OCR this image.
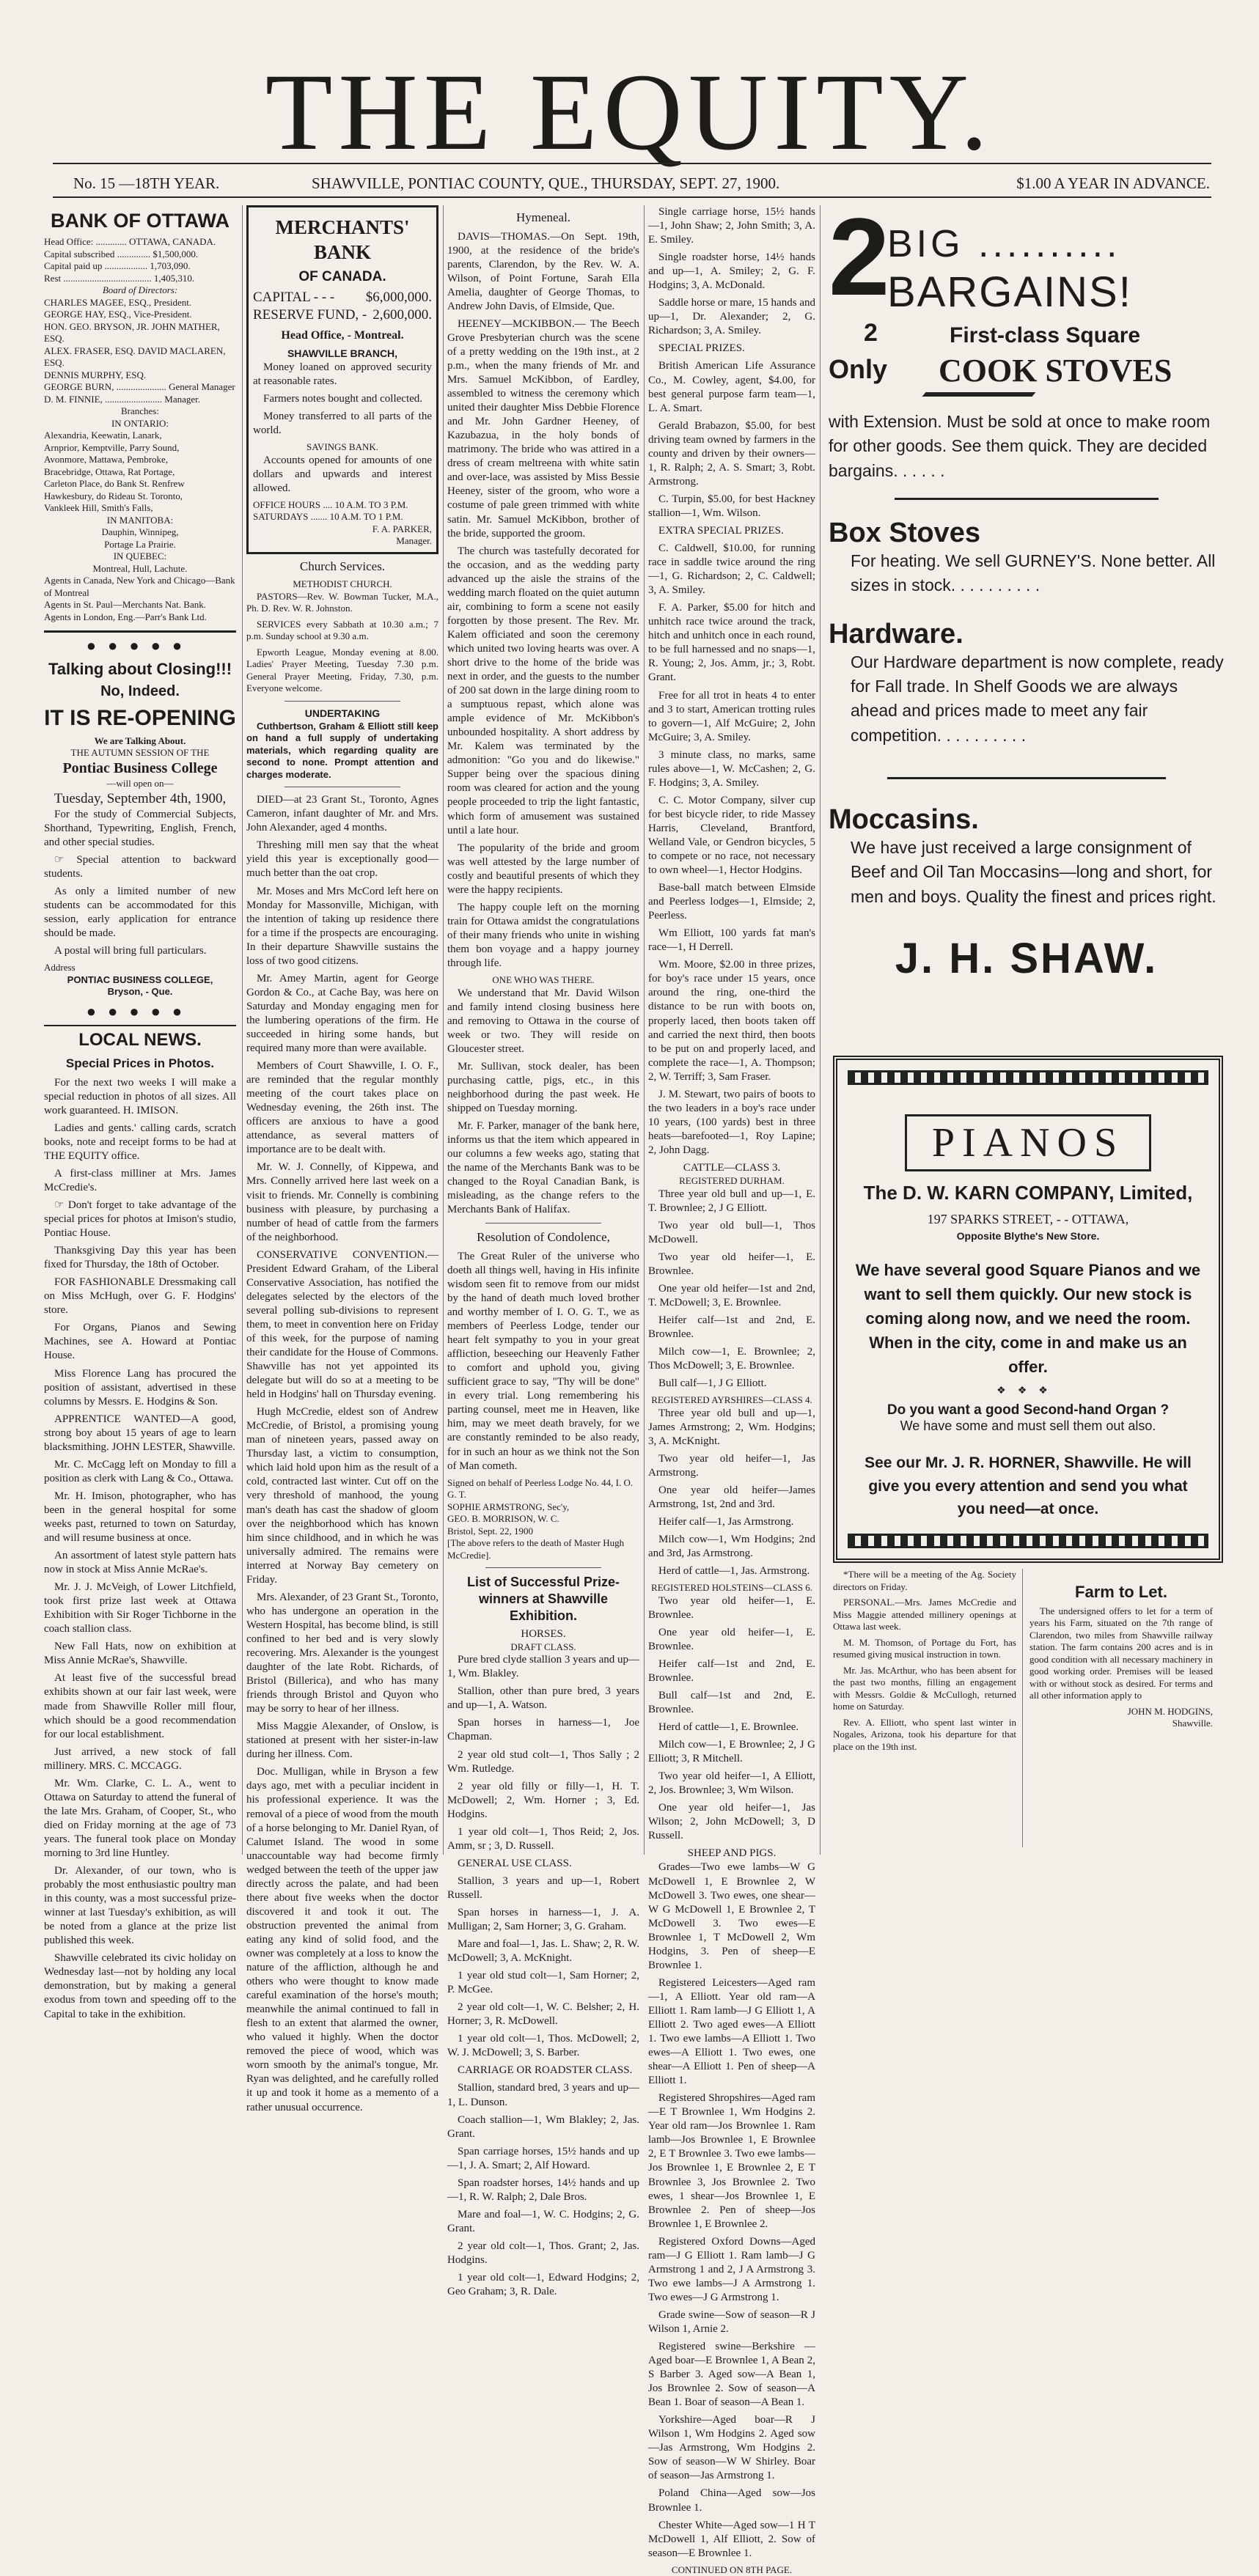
THE EQUITY.
No. 15 —18TH YEAR.	SHAWVILLE, PONTIAC COUNTY, QUE., THURSDAY, SEPT. 27, 1900.	$1.00 A YEAR IN ADVANCE.
BANK OF OTTAWA
Head Office: ............. OTTAWA, CANADA.
Capital subscribed .............. $1,500,000.
Capital paid up .................. 1,703,090.
Rest ..................................... 1,405,310.
Board of Directors:
CHARLES MAGEE, ESQ., President.
GEORGE HAY, ESQ., Vice-President.
HON. GEO. BRYSON, JR. JOHN MATHER, ESQ.
ALEX. FRASER, ESQ. DAVID MACLAREN, ESQ.
DENNIS MURPHY, ESQ.
GEORGE BURN, ..................... General Manager
D. M. FINNIE, ........................ Manager.
Branches:
IN ONTARIO:
Alexandria, Keewatin, Lanark,
Arnprior, Kemptville, Parry Sound,
Avonmore, Mattawa, Pembroke,
Bracebridge, Ottawa, Rat Portage,
Carleton Place, do Bank St. Renfrew
Hawkesbury, do Rideau St. Toronto,
Vankleek Hill, Smith's Falls,
IN MANITOBA:
Dauphin, Winnipeg,
Portage La Prairie.
IN QUEBEC:
Montreal, Hull, Lachute.
Agents in Canada, New York and Chicago—Bank of Montreal
Agents in St. Paul—Merchants Nat. Bank.
Agents in London, Eng.—Parr's Bank Ltd.
●●●●●
Talking about Closing!!!
No, Indeed.
IT IS RE-OPENING
We are Talking About.
THE AUTUMN SESSION OF THE
Pontiac Business College
—will open on—
Tuesday, September 4th, 1900,

For the study of Commercial Subjects, Shorthand, Typewriting, English, French, and other special studies.

☞ Special attention to backward students.

As only a limited number of new students can be accommodated for this session, early application for entrance should be made.

A postal will bring full particulars.

Address
PONTIAC BUSINESS COLLEGE,
Bryson, - Que.
●●●●●
LOCAL NEWS.
Special Prices in Photos.

For the next two weeks I will make a special reduction in photos of all sizes. All work guaranteed. H. IMISON.

Ladies and gents.' calling cards, scratch books, note and receipt forms to be had at THE EQUITY office.

A first-class milliner at Mrs. James McCredie's.

☞ Don't forget to take advantage of the special prices for photos at Imison's studio, Pontiac House.

Thanksgiving Day this year has been fixed for Thursday, the 18th of October.

FOR FASHIONABLE Dressmaking call on Miss McHugh, over G. F. Hodgins' store.

For Organs, Pianos and Sewing Machines, see A. Howard at Pontiac House.

Miss Florence Lang has procured the position of assistant, advertised in these columns by Messrs. E. Hodgins & Son.

APPRENTICE WANTED—A good, strong boy about 15 years of age to learn blacksmithing. JOHN LESTER, Shawville.

Mr. C. McCagg left on Monday to fill a position as clerk with Lang & Co., Ottawa.

Mr. H. Imison, photographer, who has been in the general hospital for some weeks past, returned to town on Saturday, and will resume business at once.

An assortment of latest style pattern hats now in stock at Miss Annie McRae's.

Mr. J. J. McVeigh, of Lower Litchfield, took first prize last week at Ottawa Exhibition with Sir Roger Tichborne in the coach stallion class.

New Fall Hats, now on exhibition at Miss Annie McRae's, Shawville.

At least five of the successful bread exhibits shown at our fair last week, were made from Shawville Roller mill flour, which should be a good recommendation for our local establishment.

Just arrived, a new stock of fall millinery. MRS. C. MCCAGG.

Mr. Wm. Clarke, C. L. A., went to Ottawa on Saturday to attend the funeral of the late Mrs. Graham, of Cooper, St., who died on Friday morning at the age of 73 years. The funeral took place on Monday morning to 3rd line Huntley.

Dr. Alexander, of our town, who is probably the most enthusiastic poultry man in this county, was a most successful prize-winner at last Tuesday's exhibition, as will be noted from a glance at the prize list published this week.

Shawville celebrated its civic holiday on Wednesday last—not by holding any local demonstration, but by making a general exodus from town and speeding off to the Capital to take in the exhibition.

MERCHANTS' BANK
OF CANADA.
CAPITAL - - - $6,000,000.
RESERVE FUND, - 2,600,000.
Head Office, - Montreal.
SHAWVILLE BRANCH,

Money loaned on approved security at reasonable rates.

Farmers notes bought and collected.

Money transferred to all parts of the world.

SAVINGS BANK.

Accounts opened for amounts of one dollars and upwards and interest allowed.

OFFICE HOURS .... 10 A.M. TO 3 P.M.
SATURDAYS ....... 10 A.M. TO 1 P.M.
F. A. PARKER,
Manager.
Church Services.
METHODIST CHURCH.

PASTORS—Rev. W. Bowman Tucker, M.A., Ph. D. Rev. W. R. Johnston.

SERVICES every Sabbath at 10.30 a.m.; 7 p.m. Sunday school at 9.30 a.m.

Epworth League, Monday evening at 8.00. Ladies' Prayer Meeting, Tuesday 7.30 p.m. General Prayer Meeting, Friday, 7.30, p.m. Everyone welcome.

UNDERTAKING

Cuthbertson, Graham & Elliott still keep on hand a full supply of undertaking materials, which regarding quality are second to none. Prompt attention and charges moderate.

DIED—at 23 Grant St., Toronto, Agnes Cameron, infant daughter of Mr. and Mrs. John Alexander, aged 4 months.

Threshing mill men say that the wheat yield this year is exceptionally good—much better than the oat crop.

Mr. Moses and Mrs McCord left here on Monday for Massonville, Michigan, with the intention of taking up residence there for a time if the prospects are encouraging. In their departure Shawville sustains the loss of two good citizens.

Mr. Amey Martin, agent for George Gordon & Co., at Cache Bay, was here on Saturday and Monday engaging men for the lumbering operations of the firm. He succeeded in hiring some hands, but required many more than were available.

Members of Court Shawville, I. O. F., are reminded that the regular monthly meeting of the court takes place on Wednesday evening, the 26th inst. The officers are anxious to have a good attendance, as several matters of importance are to be dealt with.

Mr. W. J. Connelly, of Kippewa, and Mrs. Connelly arrived here last week on a visit to friends. Mr. Connelly is combining business with pleasure, by purchasing a number of head of cattle from the farmers of the neighborhood.

CONSERVATIVE CONVENTION.—President Edward Graham, of the Liberal Conservative Association, has notified the delegates selected by the electors of the several polling sub-divisions to represent them, to meet in convention here on Friday of this week, for the purpose of naming their candidate for the House of Commons. Shawville has not yet appointed its delegate but will do so at a meeting to be held in Hodgins' hall on Thursday evening.

Hugh McCredie, eldest son of Andrew McCredie, of Bristol, a promising young man of nineteen years, passed away on Thursday last, a victim to consumption, which laid hold upon him as the result of a cold, contracted last winter. Cut off on the very threshold of manhood, the young man's death has cast the shadow of gloom over the neighborhood which has known him since childhood, and in which he was universally admired. The remains were interred at Norway Bay cemetery on Friday.

Mrs. Alexander, of 23 Grant St., Toronto, who has undergone an operation in the Western Hospital, has become blind, is still confined to her bed and is very slowly recovering. Mrs. Alexander is the youngest daughter of the late Robt. Richards, of Bristol (Billerica), and who has many friends through Bristol and Quyon who may be sorry to hear of her illness.

Miss Maggie Alexander, of Onslow, is stationed at present with her sister-in-law during her illness. Com.

Doc. Mulligan, while in Bryson a few days ago, met with a peculiar incident in his professional experience. It was the removal of a piece of wood from the mouth of a horse belonging to Mr. Daniel Ryan, of Calumet Island. The wood in some unaccountable way had become firmly wedged between the teeth of the upper jaw directly across the palate, and had been there about five weeks when the doctor discovered it and took it out. The obstruction prevented the animal from eating any kind of solid food, and the owner was completely at a loss to know the nature of the affliction, although he and others who were thought to know made careful examination of the horse's mouth; meanwhile the animal continued to fall in flesh to an extent that alarmed the owner, who valued it highly. When the doctor removed the piece of wood, which was worn smooth by the animal's tongue, Mr. Ryan was delighted, and he carefully rolled it up and took it home as a memento of a rather unusual occurrence.

Hymeneal.

DAVIS—THOMAS.—On Sept. 19th, 1900, at the residence of the bride's parents, Clarendon, by the Rev. W. A. Wilson, of Point Fortune, Sarah Ella Amelia, daughter of George Thomas, to Andrew John Davis, of Elmside, Que.

HEENEY—MCKIBBON.— The Beech Grove Presbyterian church was the scene of a pretty wedding on the 19th inst., at 2 p.m., when the many friends of Mr. and Mrs. Samuel McKibbon, of Eardley, assembled to witness the ceremony which united their daughter Miss Debbie Florence and Mr. John Gardner Heeney, of Kazubazua, in the holy bonds of matrimony. The bride who was attired in a dress of cream meltreena with white satin and over-lace, was assisted by Miss Bessie Heeney, sister of the groom, who wore a costume of pale green trimmed with white satin. Mr. Samuel McKibbon, brother of the bride, supported the groom.

The church was tastefully decorated for the occasion, and as the wedding party advanced up the aisle the strains of the wedding march floated on the quiet autumn air, combining to form a scene not easily forgotten by those present. The Rev. Mr. Kalem officiated and soon the ceremony which united two loving hearts was over. A short drive to the home of the bride was next in order, and the guests to the number of 200 sat down in the large dining room to a sumptuous repast, which alone was ample evidence of Mr. McKibbon's unbounded hospitality. A short address by Mr. Kalem was terminated by the admonition: "Go you and do likewise." Supper being over the spacious dining room was cleared for action and the young people proceeded to trip the light fantastic, which form of amusement was sustained until a late hour.

The popularity of the bride and groom was well attested by the large number of costly and beautiful presents of which they were the happy recipients.

The happy couple left on the morning train for Ottawa amidst the congratulations of their many friends who unite in wishing them bon voyage and a happy journey through life.

ONE WHO WAS THERE.

We understand that Mr. David Wilson and family intend closing business here and removing to Ottawa in the course of week or two. They will reside on Gloucester street.

Mr. Sullivan, stock dealer, has been purchasing cattle, pigs, etc., in this neighborhood during the past week. He shipped on Tuesday morning.

Mr. F. Parker, manager of the bank here, informs us that the item which appeared in our columns a few weeks ago, stating that the name of the Merchants Bank was to be changed to the Royal Canadian Bank, is misleading, as the change refers to the Merchants Bank of Halifax.

Resolution of Condolence,

The Great Ruler of the universe who doeth all things well, having in His infinite wisdom seen fit to remove from our midst by the hand of death much loved brother and worthy member of I. O. G. T., we as members of Peerless Lodge, tender our heart felt sympathy to you in your great affliction, beseeching our Heavenly Father to comfort and uphold you, giving sufficient grace to say, "Thy will be done" in every trial. Long remembering his parting counsel, meet me in Heaven, like him, may we meet death bravely, for we are constantly reminded to be also ready, for in such an hour as we think not the Son of Man cometh.

Signed on behalf of Peerless Lodge No. 44, I. O. G. T.
SOPHIE ARMSTRONG, Sec'y,
GEO. B. MORRISON, W. C.
Bristol, Sept. 22, 1900
[The above refers to the death of Master Hugh McCredie].
List of Successful Prize-winners at Shawville Exhibition.
HORSES.
DRAFT CLASS.

Pure bred clyde stallion 3 years and up—1, Wm. Blakley.

Stallion, other than pure bred, 3 years and up—1, A. Watson.

Span horses in harness—1, Joe Chapman.

2 year old stud colt—1, Thos Sally ; 2 Wm. Rutledge.

2 year old filly or filly—1, H. T. McDowell; 2, Wm. Horner ; 3, Ed. Hodgins.

1 year old colt—1, Thos Reid; 2, Jos. Amm, sr ; 3, D. Russell.

GENERAL USE CLASS.

Stallion, 3 years and up—1, Robert Russell.

Span horses in harness—1, J. A. Mulligan; 2, Sam Horner; 3, G. Graham.

Mare and foal—1, Jas. L. Shaw; 2, R. W. McDowell; 3, A. McKnight.

1 year old stud colt—1, Sam Horner; 2, P. McGee.

2 year old colt—1, W. C. Belsher; 2, H. Horner; 3, R. McDowell.

1 year old colt—1, Thos. McDowell; 2, W. J. McDowell; 3, S. Barber.

CARRIAGE OR ROADSTER CLASS.

Stallion, standard bred, 3 years and up—1, L. Dunson.

Coach stallion—1, Wm Blakley; 2, Jas. Grant.

Span carriage horses, 15½ hands and up—1, J. A. Smart; 2, Alf Howard.

Span roadster horses, 14½ hands and up—1, R. W. Ralph; 2, Dale Bros.

Mare and foal—1, W. C. Hodgins; 2, G. Grant.

2 year old colt—1, Thos. Grant; 2, Jas. Hodgins.

1 year old colt—1, Edward Hodgins; 2, Geo Graham; 3, R. Dale.

Single carriage horse, 15½ hands—1, John Shaw; 2, John Smith; 3, A. E. Smiley.

Single roadster horse, 14½ hands and up—1, A. Smiley; 2, G. F. Hodgins; 3, A. McDonald.

Saddle horse or mare, 15 hands and up—1, Dr. Alexander; 2, G. Richardson; 3, A. Smiley.

SPECIAL PRIZES.

British American Life Assurance Co., M. Cowley, agent, $4.00, for best general purpose farm team—1, L. A. Smart.

Gerald Brabazon, $5.00, for best driving team owned by farmers in the county and driven by their owners—1, R. Ralph; 2, A. S. Smart; 3, Robt. Armstrong.

C. Turpin, $5.00, for best Hackney stallion—1, Wm. Wilson.

EXTRA SPECIAL PRIZES.

C. Caldwell, $10.00, for running race in saddle twice around the ring—1, G. Richardson; 2, C. Caldwell; 3, A. Smiley.

F. A. Parker, $5.00 for hitch and unhitch race twice around the track, hitch and unhitch once in each round, to be full harnessed and no snaps—1, R. Young; 2, Jos. Amm, jr.; 3, Robt. Grant.

Free for all trot in heats 4 to enter and 3 to start, American trotting rules to govern—1, Alf McGuire; 2, John McGuire; 3, A. Smiley.

3 minute class, no marks, same rules above—1, W. McCashen; 2, G. F. Hodgins; 3, A. Smiley.

C. C. Motor Company, silver cup for best bicycle rider, to ride Massey Harris, Cleveland, Brantford, Welland Vale, or Gendron bicycles, 5 to compete or no race, not necessary to own wheel—1, Hector Hodgins.

Base-ball match between Elmside and Peerless lodges—1, Elmside; 2, Peerless.

Wm Elliott, 100 yards fat man's race—1, H Derrell.

Wm. Moore, $2.00 in three prizes, for boy's race under 15 years, once around the ring, one-third the distance to be run with boots on, properly laced, then boots taken off and carried the next third, then boots to be put on and properly laced, and complete the race—1, A. Thompson; 2, W. Terriff; 3, Sam Fraser.

J. M. Stewart, two pairs of boots to the two leaders in a boy's race under 10 years, (100 yards) best in three heats—barefooted—1, Roy Lapine; 2, John Dagg.

CATTLE—CLASS 3.
REGISTERED DURHAM.

Three year old bull and up—1, E. T. Brownlee; 2, J G Elliott.

Two year old bull—1, Thos McDowell.

Two year old heifer—1, E. Brownlee.

One year old heifer—1st and 2nd, T. McDowell; 3, E. Brownlee.

Heifer calf—1st and 2nd, E. Brownlee.

Milch cow—1, E. Brownlee; 2, Thos McDowell; 3, E. Brownlee.

Bull calf—1, J G Elliott.

REGISTERED AYRSHIRES—CLASS 4.

Three year old bull and up—1, James Armstrong; 2, Wm. Hodgins; 3, A. McKnight.

Two year old heifer—1, Jas Armstrong.

One year old heifer—James Armstrong, 1st, 2nd and 3rd.

Heifer calf—1, Jas Armstrong.

Milch cow—1, Wm Hodgins; 2nd and 3rd, Jas Armstrong.

Herd of cattle—1, Jas. Armstrong.

REGISTERED HOLSTEINS—CLASS 6.

Two year old heifer—1, E. Brownlee.

One year old heifer—1, E. Brownlee.

Heifer calf—1st and 2nd, E. Brownlee.

Bull calf—1st and 2nd, E. Brownlee.

Herd of cattle—1, E. Brownlee.

Milch cow—1, E Brownlee; 2, J G Elliott; 3, R Mitchell.

Two year old heifer—1, A Elliott, 2, Jos. Brownlee; 3, Wm Wilson.

One year old heifer—1, Jas Wilson; 2, John McDowell; 3, D Russell.

SHEEP AND PIGS.

Grades—Two ewe lambs—W G McDowell 1, E Brownlee 2, W McDowell 3. Two ewes, one shear—W G McDowell 1, E Brownlee 2, T McDowell 3. Two ewes—E Brownlee 1, T McDowell 2, Wm Hodgins, 3. Pen of sheep—E Brownlee 1.

Registered Leicesters—Aged ram—1, A Elliott. Year old ram—A Elliott 1. Ram lamb—J G Elliott 1, A Elliott 2. Two aged ewes—A Elliott 1. Two ewe lambs—A Elliott 1. Two ewes—A Elliott 1. Two ewes, one shear—A Elliott 1. Pen of sheep—A Elliott 1.

Registered Shropshires—Aged ram—E T Brownlee 1, Wm Hodgins 2. Year old ram—Jos Brownlee 1. Ram lamb—Jos Brownlee 1, E Brownlee 2, E T Brownlee 3. Two ewe lambs—Jos Brownlee 1, E Brownlee 2, E T Brownlee 3, Jos Brownlee 2. Two ewes, 1 shear—Jos Brownlee 1, E Brownlee 2. Pen of sheep—Jos Brownlee 1, E Brownlee 2.

Registered Oxford Downs—Aged ram—J G Elliott 1. Ram lamb—J G Armstrong 1 and 2, J A Armstrong 3. Two ewe lambs—J A Armstrong 1. Two ewes—J G Armstrong 1.

Grade swine—Sow of season—R J Wilson 1, Arnie 2.

Registered swine—Berkshire — Aged boar—E Brownlee 1, A Bean 2, S Barber 3. Aged sow—A Bean 1, Jos Brownlee 2. Sow of season—A Bean 1. Boar of season—A Bean 1.

Yorkshire—Aged boar—R J Wilson 1, Wm Hodgins 2. Aged sow—Jas Armstrong, Wm Hodgins 2. Sow of season—W W Shirley. Boar of season—Jas Armstrong 1.

Poland China—Aged sow—Jos Brownlee 1.

Chester White—Aged sow—1 H T McDowell 1, Alf Elliott, 2. Sow of season—E Brownlee 1.

CONTINUED ON 8TH PAGE.
2
BIG ..........
BARGAINS!
2	First-class Square
Only COOK STOVES
with Extension. Must be sold at once to make room for other goods. See them quick. They are decided bargains. . . . . .
Box Stoves
For heating. We sell GURNEY'S. None better. All sizes in stock. . . . . . . . . .
Hardware.
Our Hardware department is now complete, ready for Fall trade. In Shelf Goods we are always ahead and prices made to meet any fair competition. . . . . . . . . .
Moccasins.
We have just received a large consignment of Beef and Oil Tan Moccasins—long and short, for men and boys. Quality the finest and prices right.
J. H. SHAW.
PIANOS
The D. W. KARN COMPANY, Limited,
197 SPARKS STREET, - - OTTAWA,
Opposite Blythe's New Store.
We have several good Square Pianos and we want to sell them quickly. Our new stock is coming along now, and we need the room. When in the city, come in and make us an offer.
❖❖❖
Do you want a good Second-hand Organ ?
We have some and must sell them out also.
See our Mr. J. R. HORNER, Shawville. He will give you every attention and send you what you need—at once.

*There will be a meeting of the Ag. Society directors on Friday.

PERSONAL.—Mrs. James McCredie and Miss Maggie attended millinery openings at Ottawa last week.

M. M. Thomson, of Portage du Fort, has resumed giving musical instruction in town.

Mr. Jas. McArthur, who has been absent for the past two months, filling an engagement with Messrs. Goldie & McCullogh, returned home on Saturday.

Rev. A. Elliott, who spent last winter in Nogales, Arizona, took his departure for that place on the 19th inst.

Farm to Let.

The undersigned offers to let for a term of years his Farm, situated on the 7th range of Clarendon, two miles from Shawville railway station. The farm contains 200 acres and is in good condition with all necessary machinery in good working order. Premises will be leased with or without stock as desired. For terms and all other information apply to

JOHN M. HODGINS,
Shawville.
